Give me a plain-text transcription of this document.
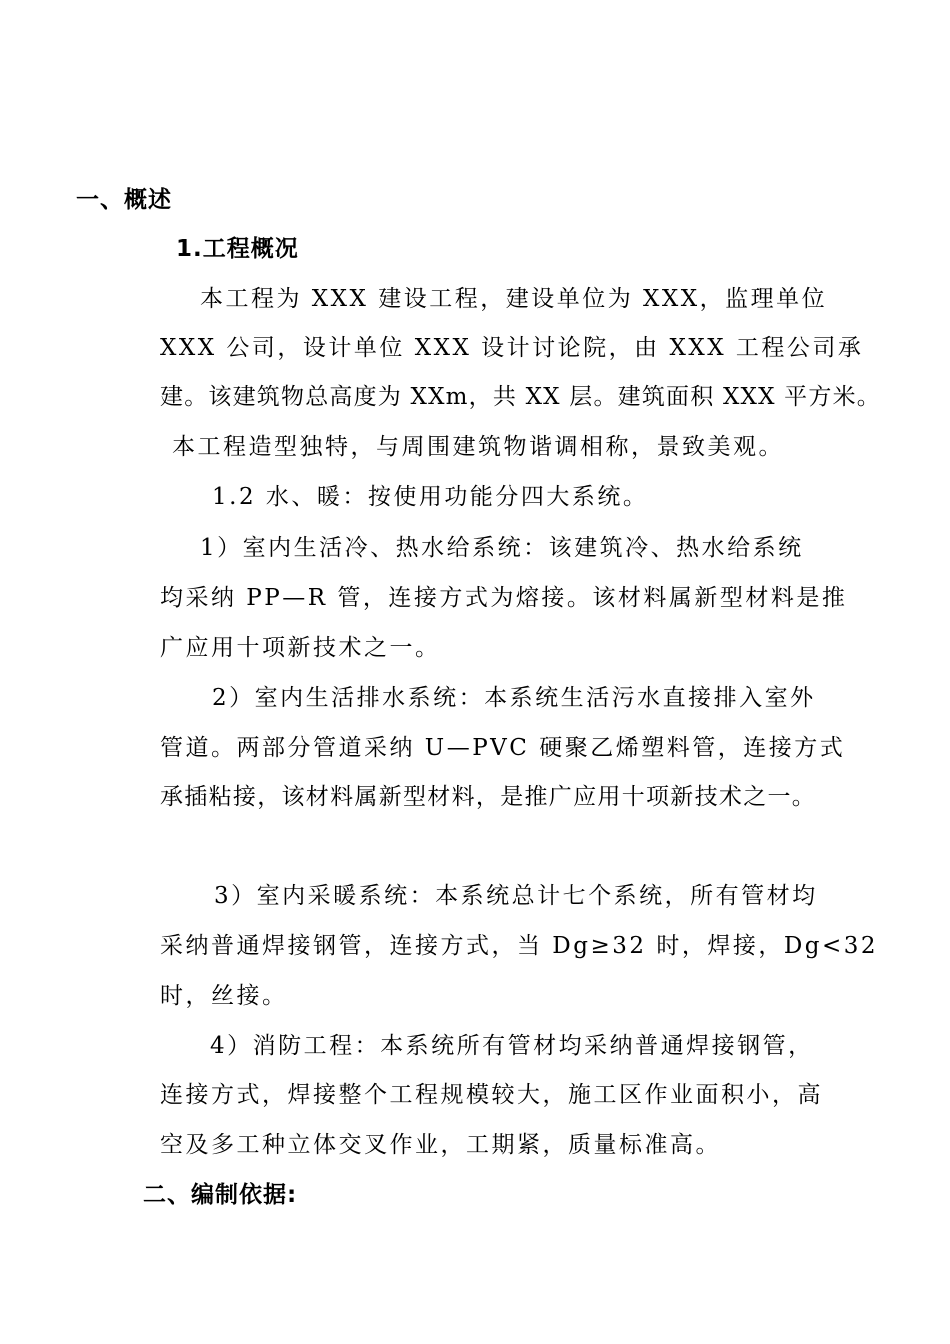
一、概述
1.工程概况
本工程为 XXX 建设工程，建设单位为 XXX，监理单位
XXX 公司，设计单位 XXX 设计讨论院，由 XXX 工程公司承
建。该建筑物总高度为 XXm，共 XX 层。建筑面积 XXX 平方米。
本工程造型独特，与周围建筑物谐调相称，景致美观。
1.2 水、暖：按使用功能分四大系统。
1）室内生活冷、热水给系统：该建筑冷、热水给系统
均采纳 PP—R 管，连接方式为熔接。该材料属新型材料是推
广应用十项新技术之一。
2）室内生活排水系统：本系统生活污水直接排入室外
管道。两部分管道采纳 U—PVC 硬聚乙烯塑料管，连接方式
承插粘接，该材料属新型材料，是推广应用十项新技术之一。
3）室内采暖系统：本系统总计七个系统，所有管材均
采纳普通焊接钢管，连接方式，当 Dg≥32 时，焊接，Dg<32
时，丝接。
4）消防工程：本系统所有管材均采纳普通焊接钢管，
连接方式，焊接整个工程规模较大，施工区作业面积小，高
空及多工种立体交叉作业，工期紧，质量标准高。
二、编制依据:
